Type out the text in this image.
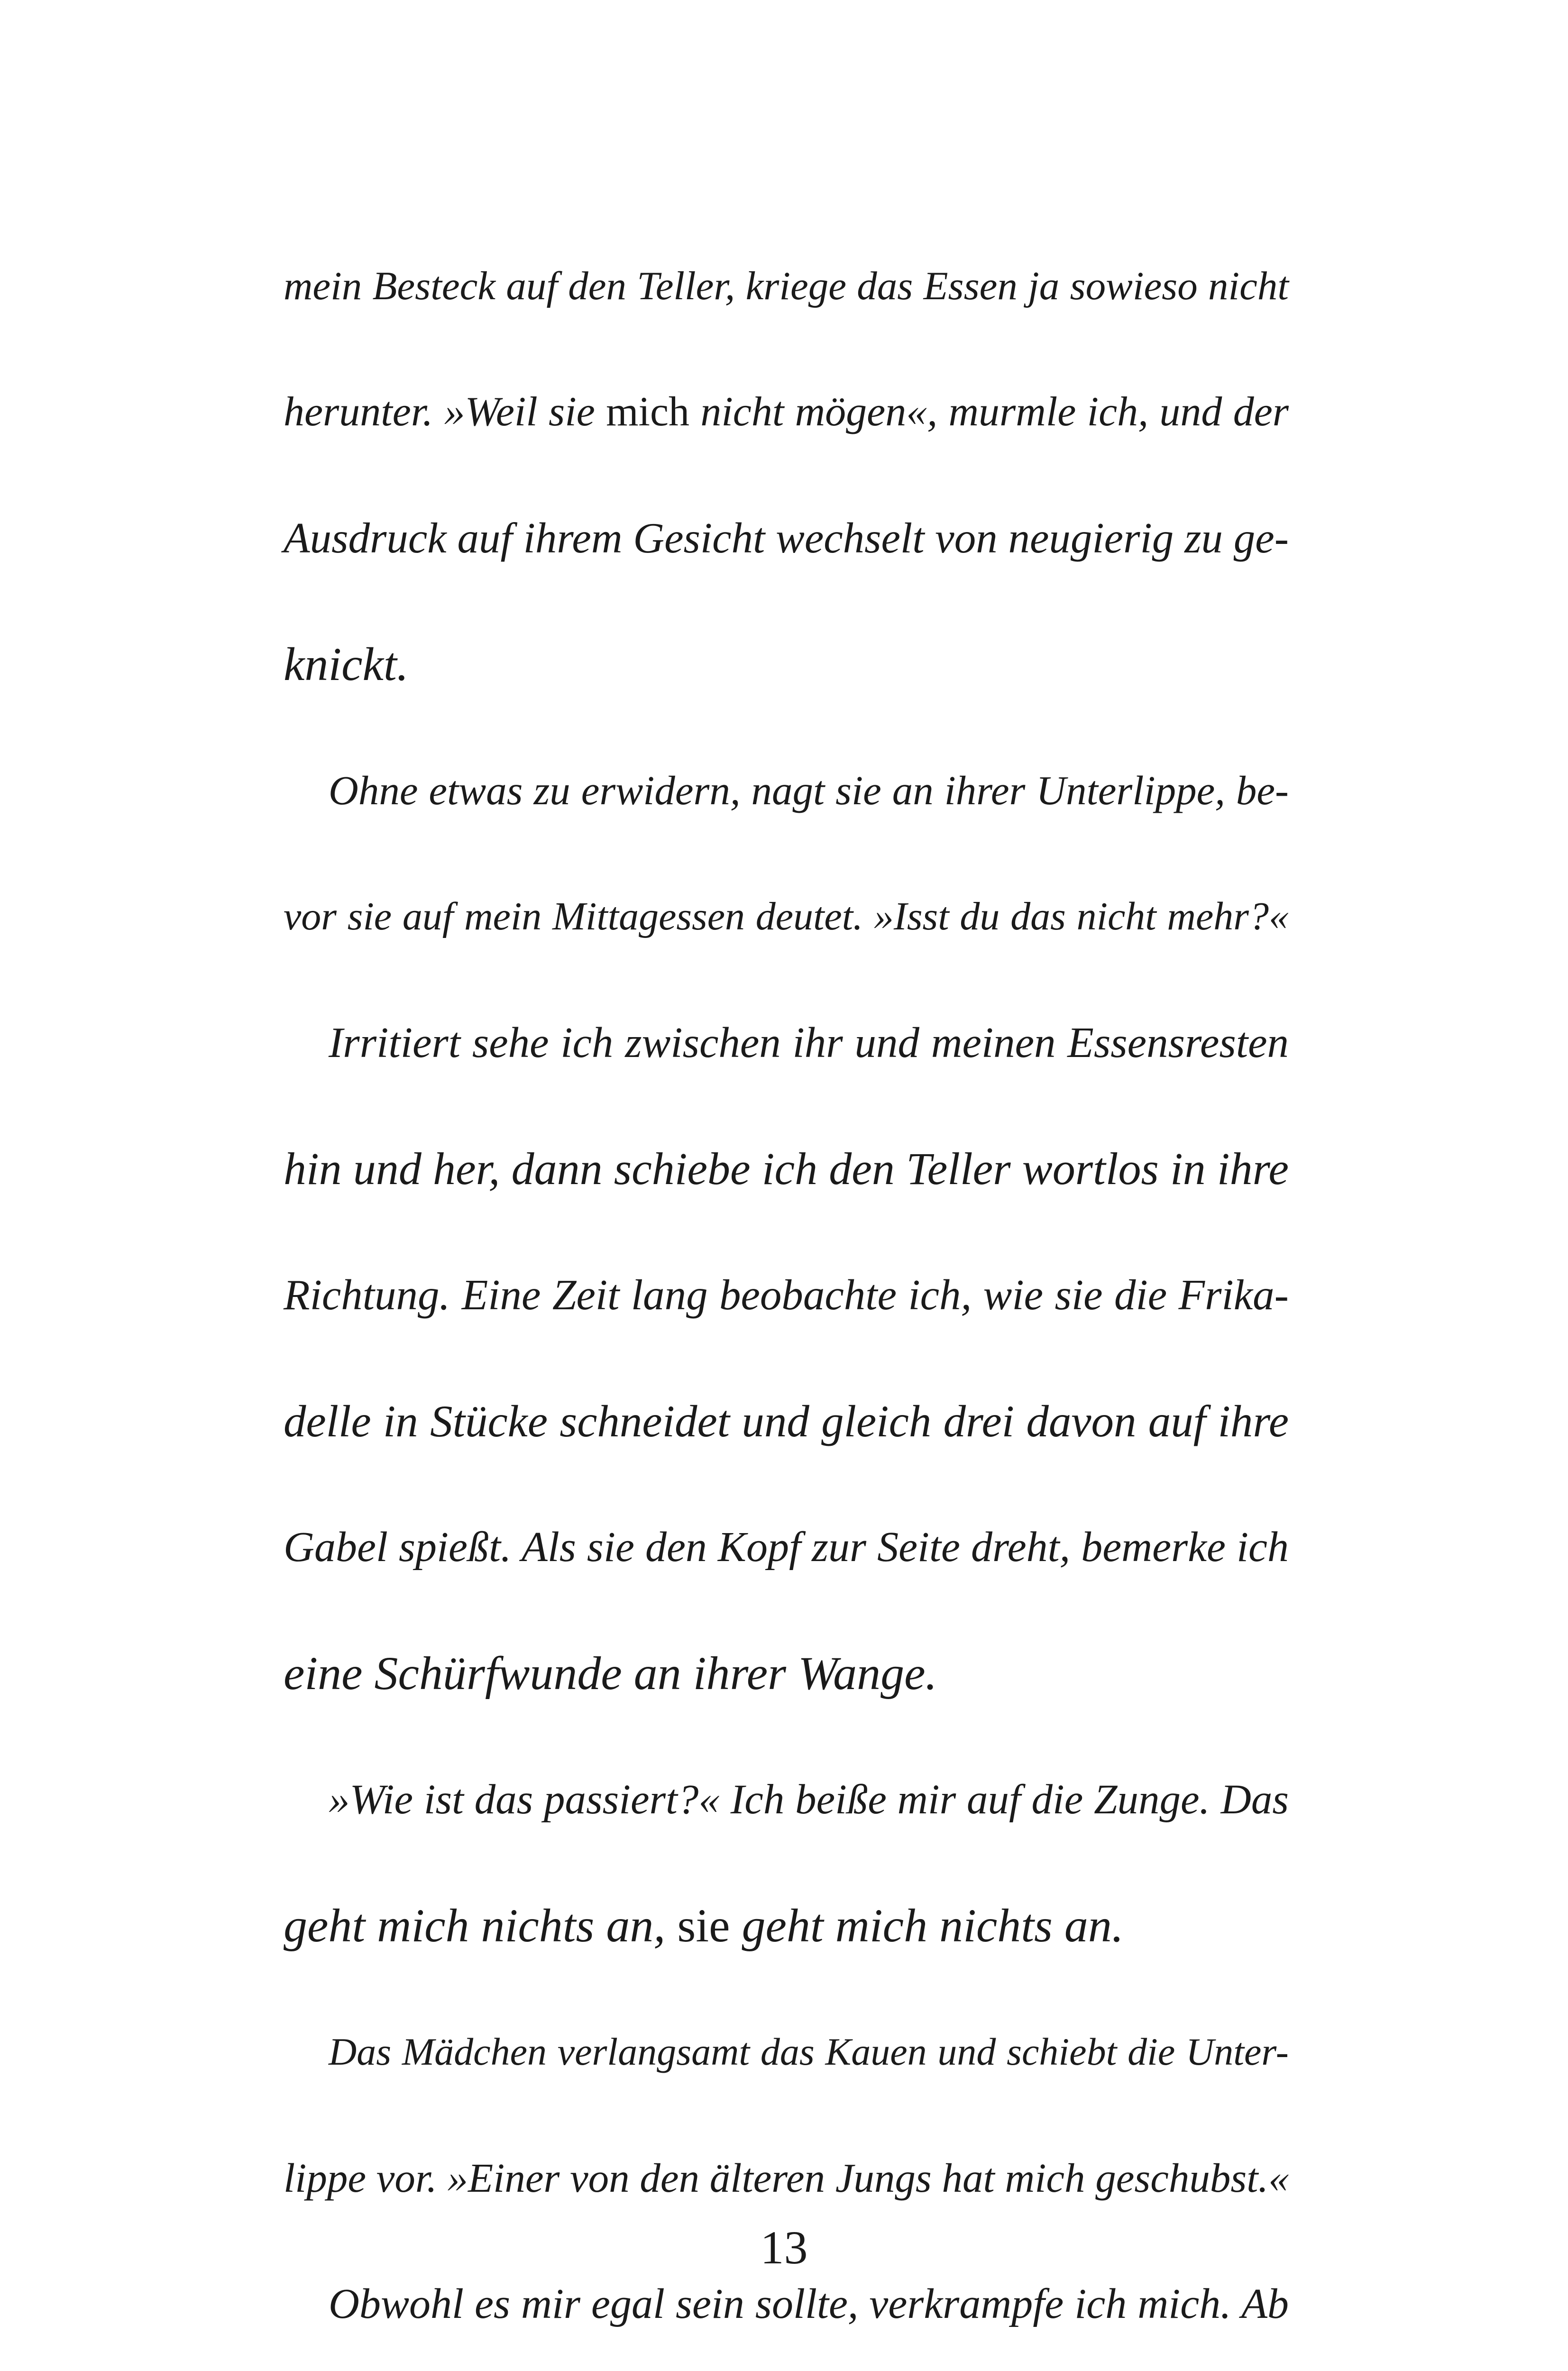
mein Besteck auf den Teller, kriege das Essen ja sowieso nicht
herunter. »Weil sie mich nicht mögen«, murmle ich, und der
Ausdruck auf ihrem Gesicht wechselt von neugierig zu ge-
knickt.
Ohne etwas zu erwidern, nagt sie an ihrer Unterlippe, be-
vor sie auf mein Mittagessen deutet. »Isst du das nicht mehr?«
Irritiert sehe ich zwischen ihr und meinen Essensresten
hin und her, dann schiebe ich den Teller wortlos in ihre
Richtung. Eine Zeit lang beobachte ich, wie sie die Frika-
delle in Stücke schneidet und gleich drei davon auf ihre
Gabel spießt. Als sie den Kopf zur Seite dreht, bemerke ich
eine Schürfwunde an ihrer Wange.
»Wie ist das passiert?« Ich beiße mir auf die Zunge. Das
geht mich nichts an, sie geht mich nichts an.
Das Mädchen verlangsamt das Kauen und schiebt die Unter-
lippe vor. »Einer von den älteren Jungs hat mich geschubst.«
Obwohl es mir egal sein sollte, verkrampfe ich mich. Ab
13
